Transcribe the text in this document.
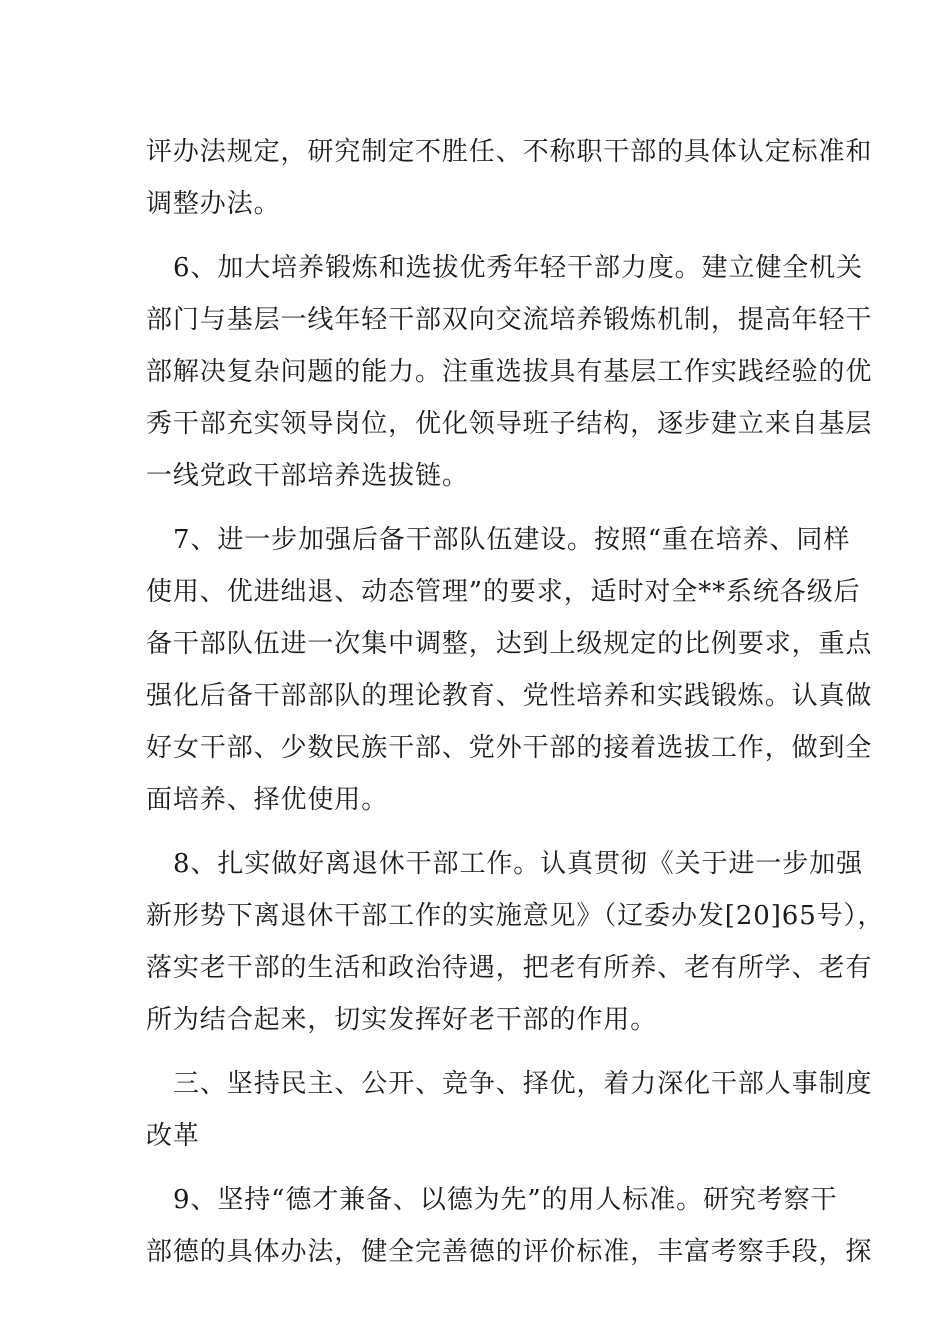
评办法规定，研究制定不胜任、不称职干部的具体认定标准和
调整办法。
6、加大培养锻炼和选拔优秀年轻干部力度。建立健全机关
部门与基层一线年轻干部双向交流培养锻炼机制，提高年轻干
部解决复杂问题的能力。注重选拔具有基层工作实践经验的优
秀干部充实领导岗位，优化领导班子结构，逐步建立来自基层
一线党政干部培养选拔链。
7、进一步加强后备干部队伍建设。按照“重在培养、同样
使用、优进绌退、动态管理”的要求，适时对全**系统各级后
备干部队伍进一次集中调整，达到上级规定的比例要求，重点
强化后备干部部队的理论教育、党性培养和实践锻炼。认真做
好女干部、少数民族干部、党外干部的接着选拔工作，做到全
面培养、择优使用。
8、扎实做好离退休干部工作。认真贯彻《关于进一步加强
新形势下离退休干部工作的实施意见》（辽委办发[20]65号），
落实老干部的生活和政治待遇，把老有所养、老有所学、老有
所为结合起来，切实发挥好老干部的作用。
三、坚持民主、公开、竞争、择优，着力深化干部人事制度
改革
9、坚持“德才兼备、以德为先”的用人标准。研究考察干
部德的具体办法，健全完善德的评价标准，丰富考察手段，探
